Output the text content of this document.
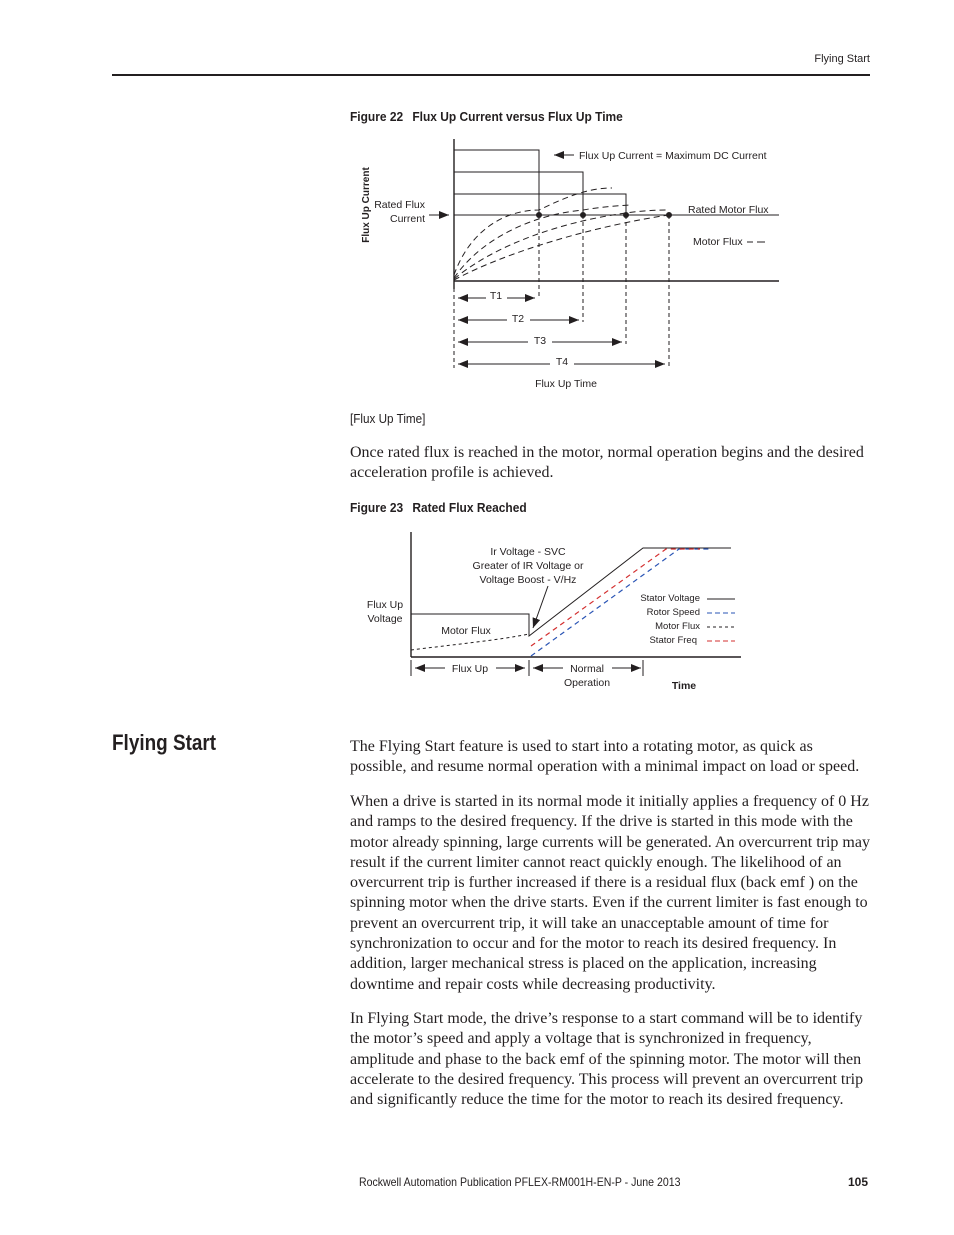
Flying Start
Figure 22 Flux Up Current versus Flux Up Time
Flux Up Current Rated Flux
Current
Flux Up Current = Maximum DC Current
Rated Motor Flux
Motor Flux
T1
T2
T3
T4
Flux Up Time
[Flux Up Time]
Once rated flux is reached in the motor, normal operation begins and the desired acceleration profile is achieved.
Figure 23 Rated Flux Reached
Flux Up
Voltage
Ir Voltage - SVC
Greater of IR Voltage or
Voltage Boost - V/Hz
Motor Flux
Stator Voltage
Rotor Speed
Motor Flux
Stator Freq
Flux Up	Normal
Operation	Time
Flying Start	The Flying Start feature is used to start into a rotating motor, as quick as possible, and resume normal operation with a minimal impact on load or speed.
When a drive is started in its normal mode it initially applies a frequency of 0 Hz and ramps to the desired frequency. If the drive is started in this mode with the motor already spinning, large currents will be generated. An overcurrent trip may result if the current limiter cannot react quickly enough. The likelihood of an overcurrent trip is further increased if there is a residual flux (back emf ) on the spinning motor when the drive starts. Even if the current limiter is fast enough to prevent an overcurrent trip, it will take an unacceptable amount of time for synchronization to occur and for the motor to reach its desired frequency. In addition, larger mechanical stress is placed on the application, increasing downtime and repair costs while decreasing productivity.
In Flying Start mode, the drive’s response to a start command will be to identify the motor’s speed and apply a voltage that is synchronized in frequency, amplitude and phase to the back emf of the spinning motor. The motor will then accelerate to the desired frequency. This process will prevent an overcurrent trip and significantly reduce the time for the motor to reach its desired frequency.
Rockwell Automation Publication PFLEX-RM001H-EN-P - June 2013	105
